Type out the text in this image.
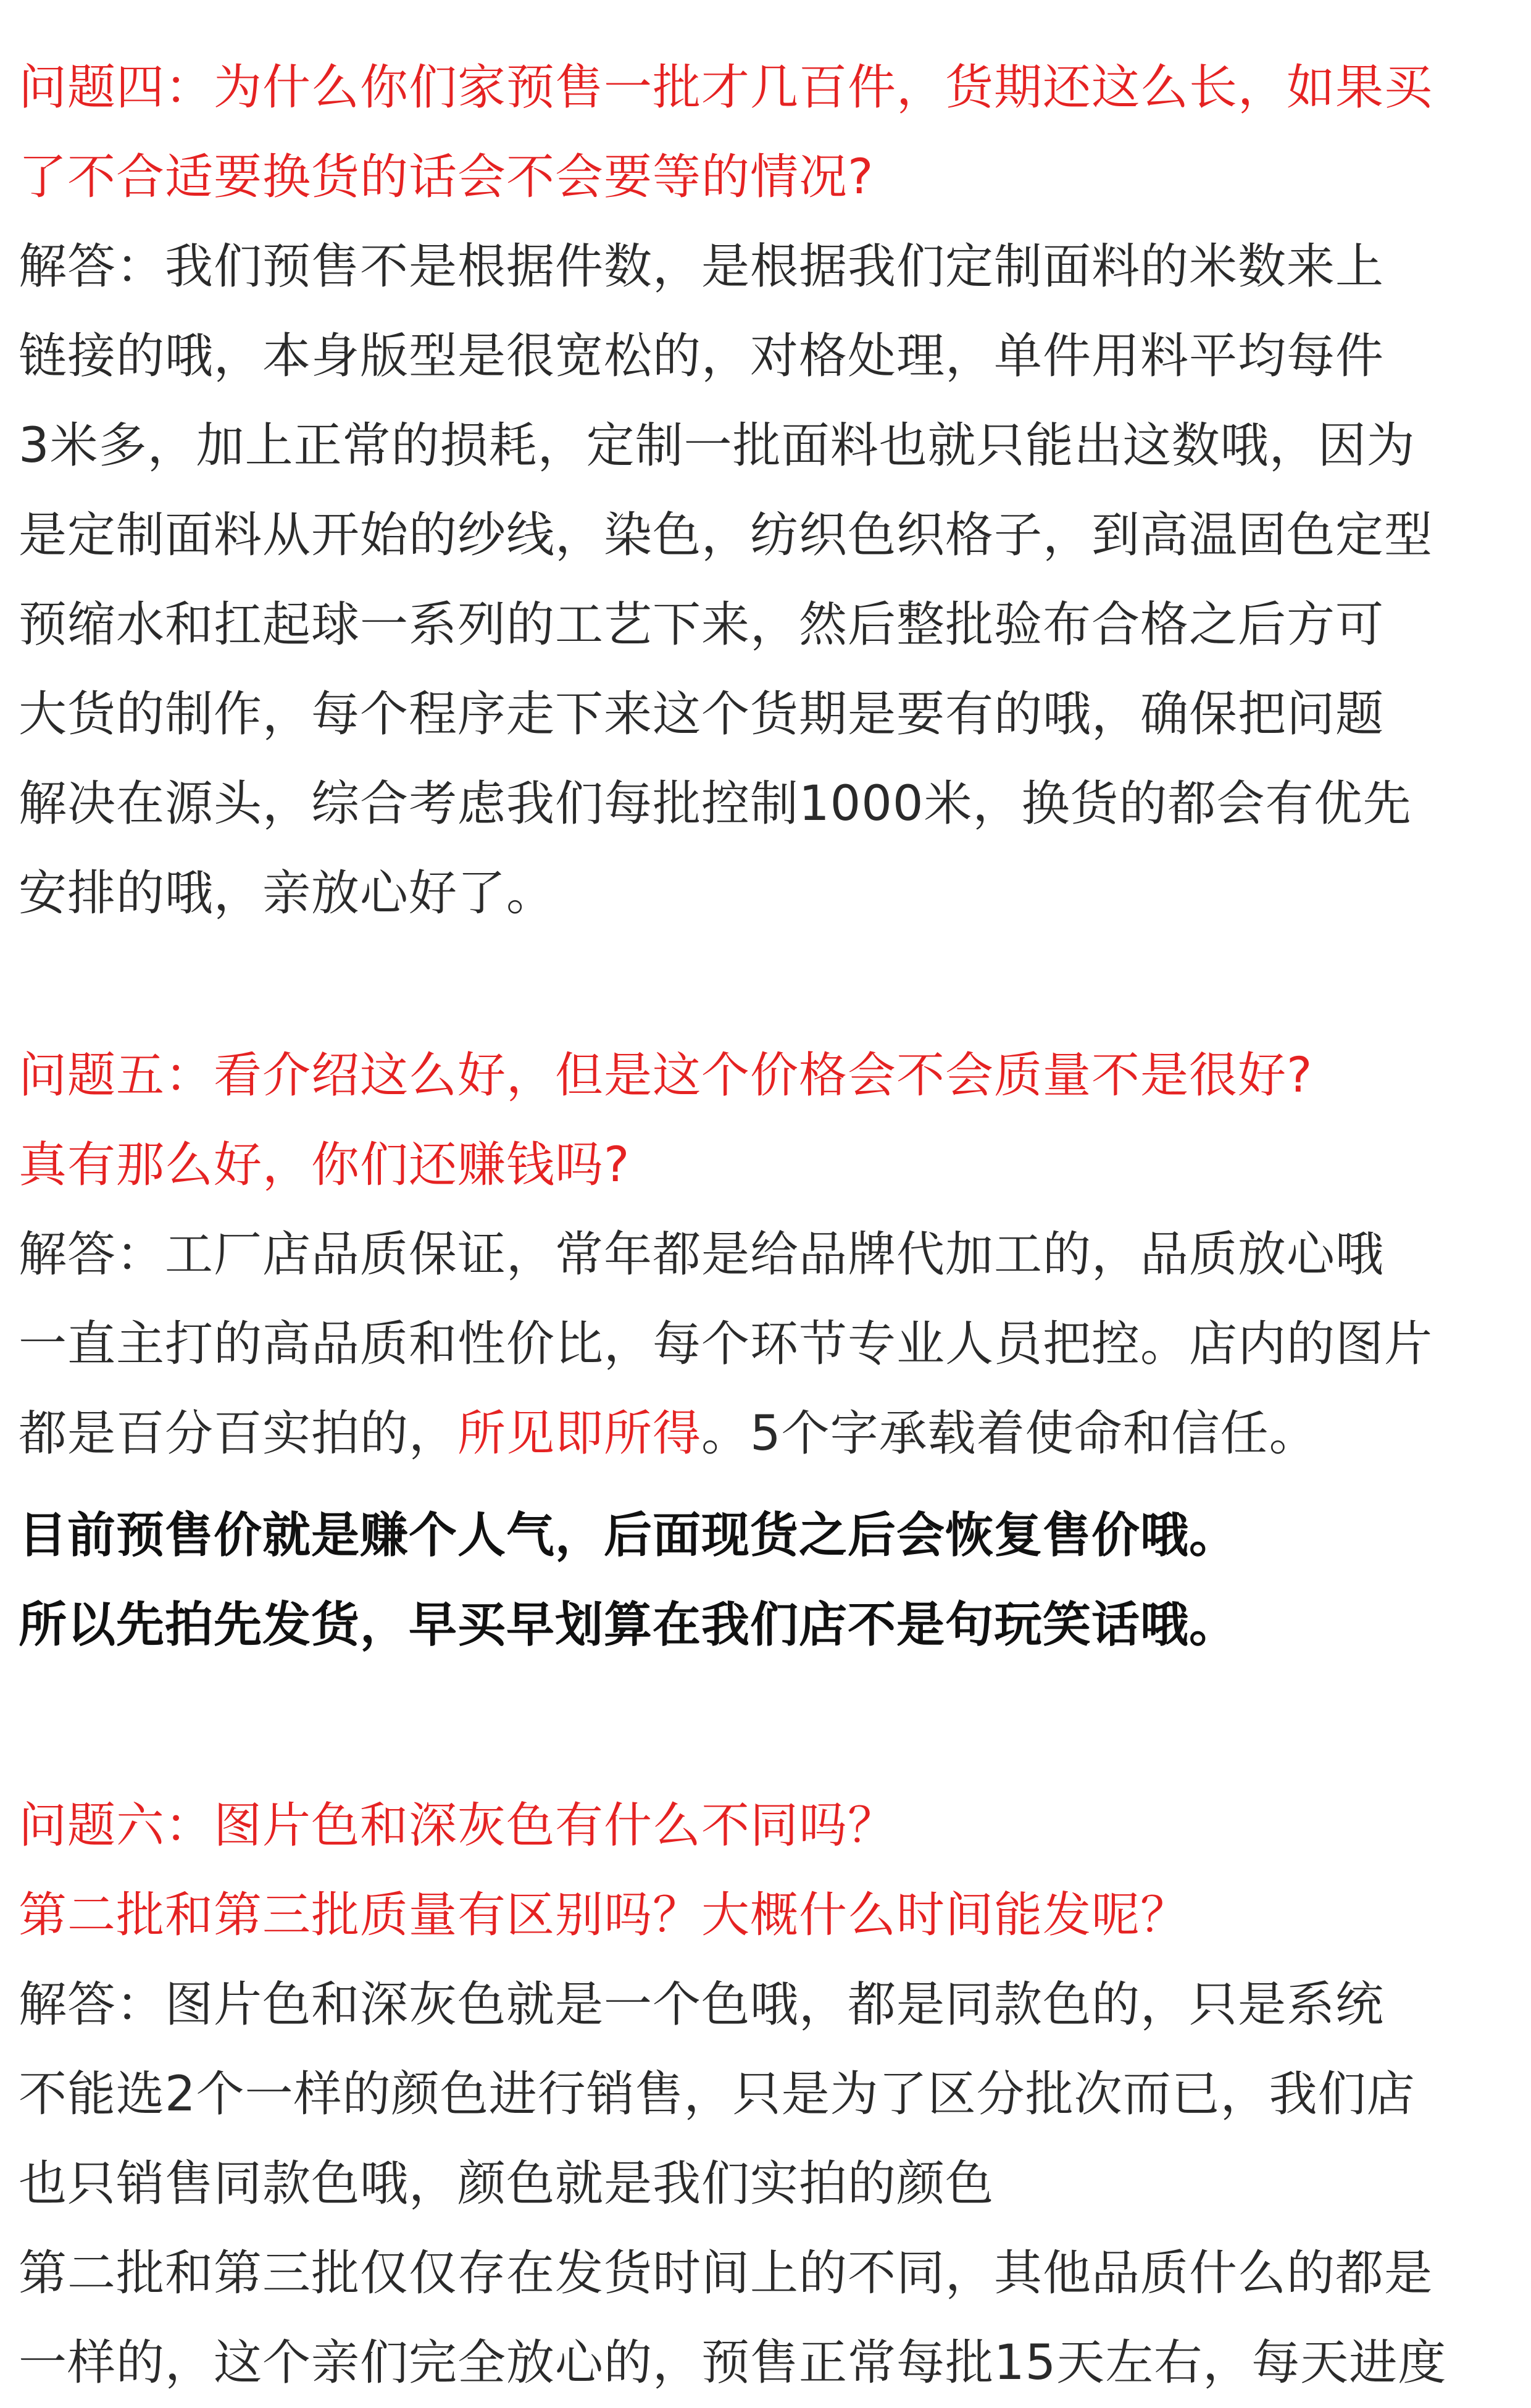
问题四：为什么你们家预售一批才几百件，货期还这么长，如果买
了不合适要换货的话会不会要等的情况?
解答：我们预售不是根据件数，是根据我们定制面料的米数来上
链接的哦，本身版型是很宽松的，对格处理，单件用料平均每件
3米多，加上正常的损耗，定制一批面料也就只能出这数哦，因为
是定制面料从开始的纱线，染色，纺织色织格子，到高温固色定型
预缩水和扛起球一系列的工艺下来，然后整批验布合格之后方可
大货的制作，每个程序走下来这个货期是要有的哦，确保把问题
解决在源头，综合考虑我们每批控制1000米，换货的都会有优先
安排的哦，亲放心好了。
问题五：看介绍这么好，但是这个价格会不会质量不是很好?
真有那么好，你们还赚钱吗?
解答：工厂店品质保证，常年都是给品牌代加工的，品质放心哦
一直主打的高品质和性价比，每个环节专业人员把控。店内的图片
都是百分百实拍的，所见即所得。5个字承载着使命和信任。
目前预售价就是赚个人气，后面现货之后会恢复售价哦。
所以先拍先发货，早买早划算在我们店不是句玩笑话哦。
问题六：图片色和深灰色有什么不同吗？
第二批和第三批质量有区别吗？大概什么时间能发呢？
解答：图片色和深灰色就是一个色哦，都是同款色的，只是系统
不能选2个一样的颜色进行销售，只是为了区分批次而已，我们店
也只销售同款色哦，颜色就是我们实拍的颜色
第二批和第三批仅仅存在发货时间上的不同，其他品质什么的都是
一样的，这个亲们完全放心的，预售正常每批15天左右，每天进度
